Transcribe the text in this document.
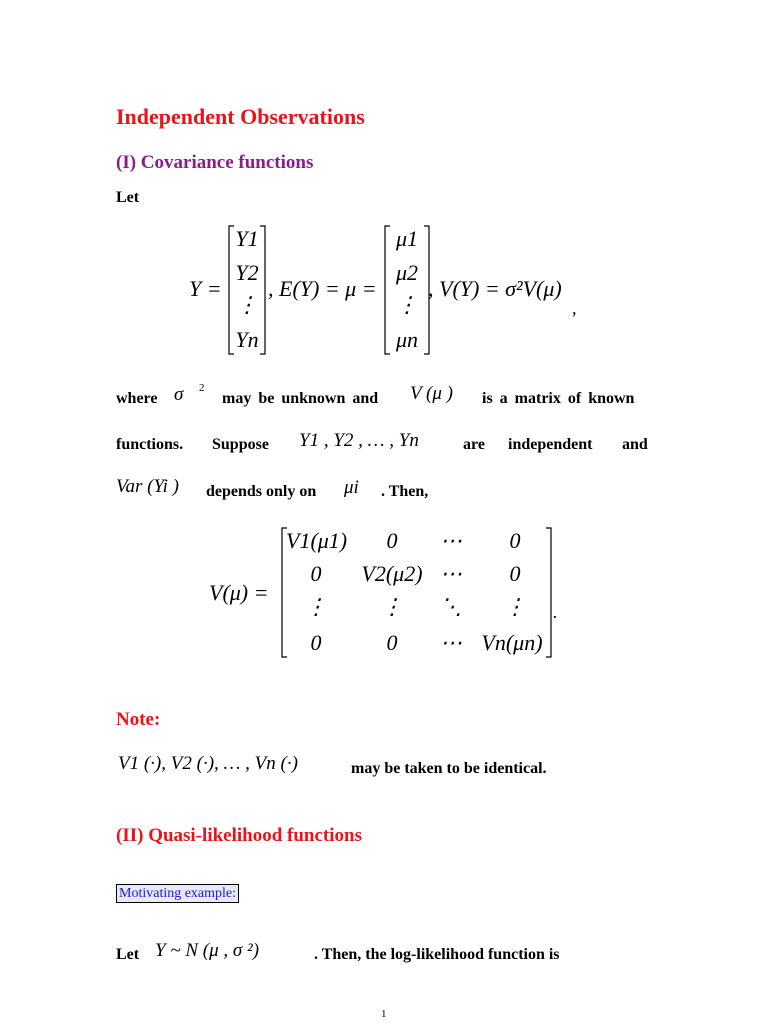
Independent Observations
(I) Covariance functions
Let
Y =
Y1
Y2
⋮
Yn
, E(Y) = μ =
μ1
μ2
⋮
μn
, V(Y) = σ²V(μ)
,
where σ 2
may be unknown and V (μ ) is a matrix of known
functions. Suppose Y1 , Y2 , … , Yn	are independent and
Var (Yi ) depends only on μi . Then,
V(μ) =
V1(μ1)	0	⋯	0
0	V2(μ2) ⋯	0
⋮	⋮	⋱	⋮
0	0	⋯ Vn(μn)
.
Note:
V1 (·), V2 (·), … , Vn (·)	may be taken to be identical.
(II) Quasi-likelihood functions
Motivating example:
Let Y ~ N (μ , σ ²)	. Then, the log-likelihood function is
1
